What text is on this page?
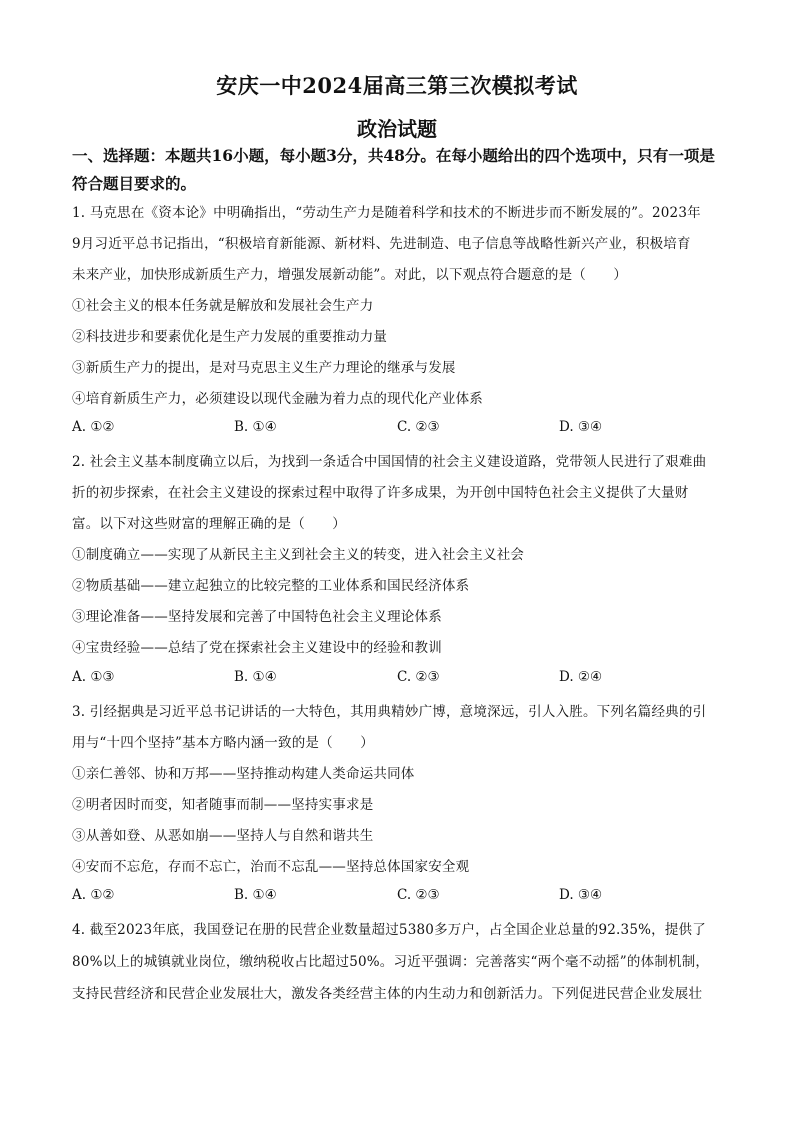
安庆一中2024届高三第三次模拟考试
政治试题
一、选择题：本题共16小题，每小题3分，共48分。在每小题给出的四个选项中，只有一项是符合题目要求的。
1. 马克思在《资本论》中明确指出，“劳动生产力是随着科学和技术的不断进步而不断发展的”。2023年
9月习近平总书记指出，“积极培育新能源、新材料、先进制造、电子信息等战略性新兴产业，积极培育
未来产业，加快形成新质生产力，增强发展新动能”。对此，以下观点符合题意的是（　　）
①社会主义的根本任务就是解放和发展社会生产力
②科技进步和要素优化是生产力发展的重要推动力量
③新质生产力的提出，是对马克思主义生产力理论的继承与发展
④培育新质生产力，必须建设以现代金融为着力点的现代化产业体系
A. ①②	B. ①④	C. ②③	D. ③④
2. 社会主义基本制度确立以后，为找到一条适合中国国情的社会主义建设道路，党带领人民进行了艰难曲
折的初步探索，在社会主义建设的探索过程中取得了许多成果，为开创中国特色社会主义提供了大量财
富。以下对这些财富的理解正确的是（　　）
①制度确立——实现了从新民主主义到社会主义的转变，进入社会主义社会
②物质基础——建立起独立的比较完整的工业体系和国民经济体系
③理论准备——坚持发展和完善了中国特色社会主义理论体系
④宝贵经验——总结了党在探索社会主义建设中的经验和教训
A. ①③	B. ①④	C. ②③	D. ②④
3. 引经据典是习近平总书记讲话的一大特色，其用典精妙广博，意境深远，引人入胜。下列名篇经典的引
用与“十四个坚持”基本方略内涵一致的是（　　）
①亲仁善邻、协和万邦——坚持推动构建人类命运共同体
②明者因时而变，知者随事而制——坚持实事求是
③从善如登、从恶如崩——坚持人与自然和谐共生
④安而不忘危，存而不忘亡，治而不忘乱——坚持总体国家安全观
A. ①②	B. ①④	C. ②③	D. ③④
4. 截至2023年底，我国登记在册的民营企业数量超过5380多万户，占全国企业总量的92.35%，提供了
80%以上的城镇就业岗位，缴纳税收占比超过50%。习近平强调：完善落实“两个毫不动摇”的体制机制，
支持民营经济和民营企业发展壮大，激发各类经营主体的内生动力和创新活力。下列促进民营企业发展壮
